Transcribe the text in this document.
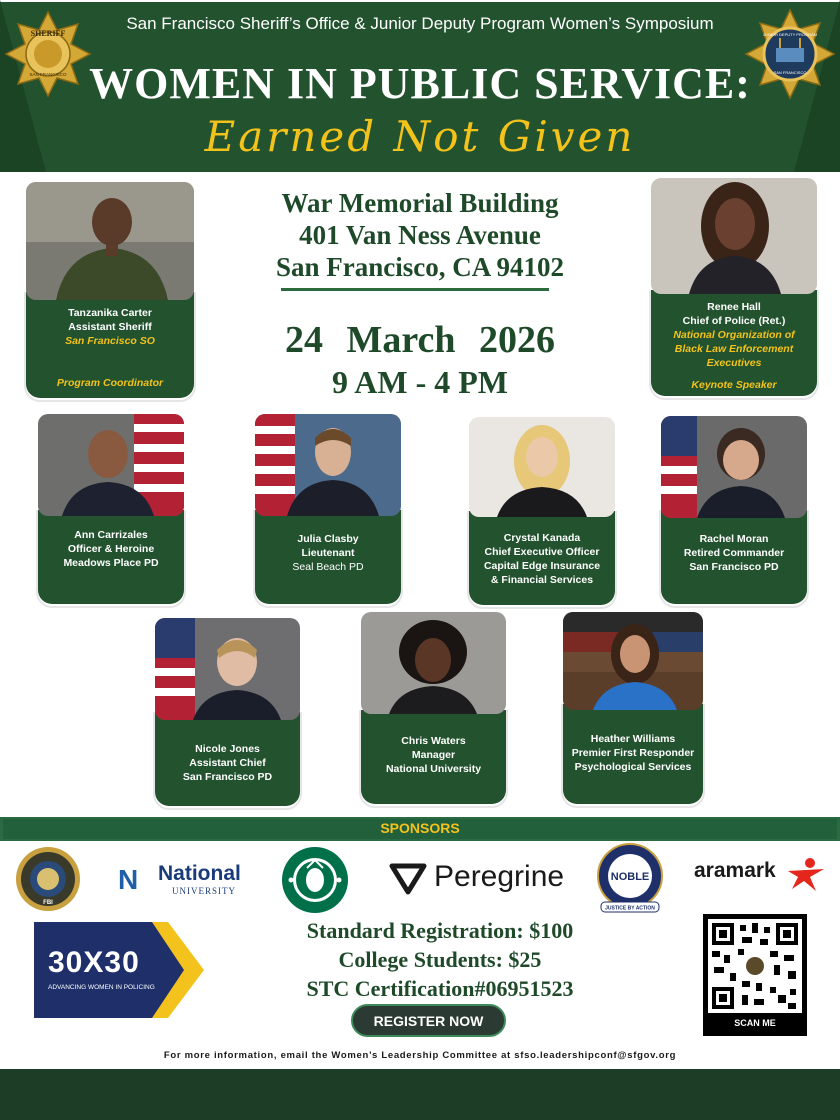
San Francisco Sheriff’s Office & Junior Deputy Program Women’s Symposium
WOMEN IN PUBLIC SERVICE:
Earned Not Given
SHERIFF
SAN FRANCISCO
JUNIOR DEPUTY PROGRAM
SAN FRANCISCO
War Memorial Building
401 Van Ness Avenue
San Francisco, CA 94102
24 March 2026
9 AM - 4 PM
Tanzanika Carter
Assistant Sheriff
San Francisco SO
Program Coordinator
Renee Hall
Chief of Police (Ret.)
National Organization of Black Law Enforcement Executives
Keynote Speaker
Ann Carrizales
Officer & Heroine
Meadows Place PD
Julia Clasby
Lieutenant
Seal Beach PD
Crystal Kanada
Chief Executive Officer
Capital Edge Insurance
& Financial Services
Rachel Moran
Retired Commander
San Francisco PD
Nicole Jones
Assistant Chief
San Francisco PD
Chris Waters
Manager
National University
Heather Williams
Premier First Responder
Psychological Services
SPONSORS
FBI
N National
UNIVERSITY	Peregrine	NOBLE
JUSTICE BY ACTION
aramark
30X30
ADVANCING WOMEN IN POLICING
Standard Registration: $100
College Students: $25
STC Certification#06951523
REGISTER NOW	SCAN ME
For more information, email the Women’s Leadership Committee at sfso.leadershipconf@sfgov.org
